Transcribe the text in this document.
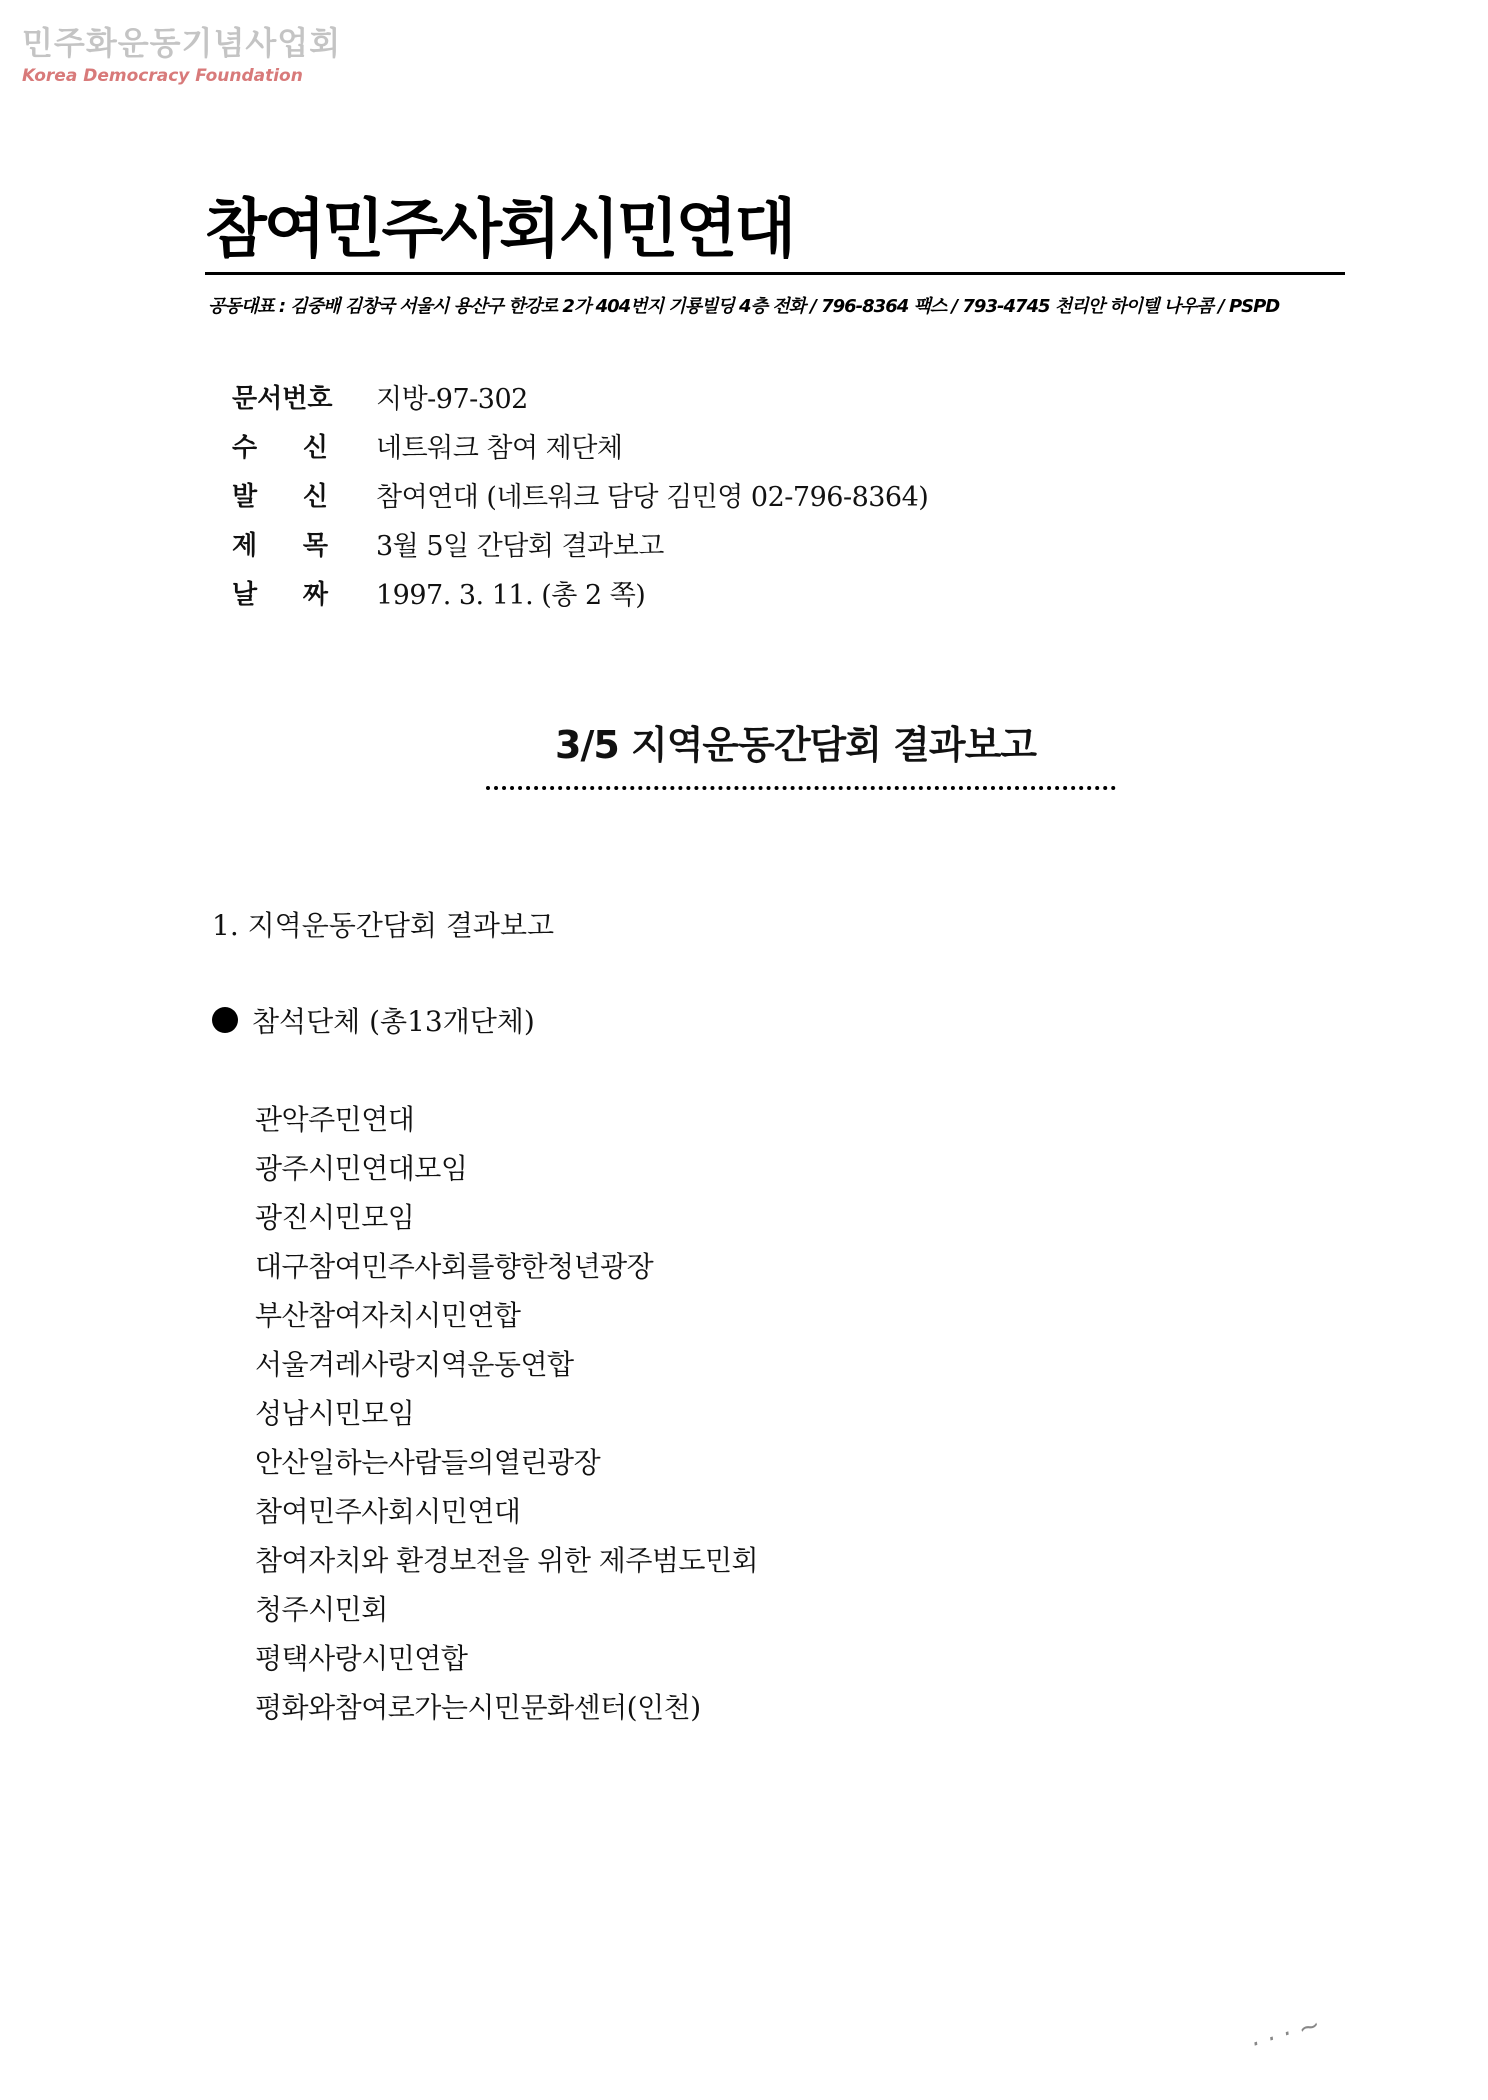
민주화운동기념사업회
Korea Democracy Foundation
참여민주사회시민연대
공동대표 : 김중배 김창국 서울시 용산구 한강로 2가 404번지 기룡빌딩 4층 전화 / 796-8364 팩스 / 793-4745 천리안 하이텔 나우콤 / PSPD
문서번호	지방-97-302
수 신 네트워크 참여 제단체
발 신 참여연대 (네트워크 담당 김민영 02-796-8364)
제 목 3월 5일 간담회 결과보고
날 짜 1997. 3. 11. (총 2 쪽)
3/5 지역운동간담회 결과보고
1. 지역운동간담회 결과보고
참석단체 (총13개단체)
관악주민연대
광주시민연대모임
광진시민모임
대구참여민주사회를향한청년광장
부산참여자치시민연합
서울겨레사랑지역운동연합
성남시민모임
안산일하는사람들의열린광장
참여민주사회시민연대
참여자치와 환경보전을 위한 제주범도민회
청주시민회
평택사랑시민연합
평화와참여로가는시민문화센터(인천)
· · · ∼
